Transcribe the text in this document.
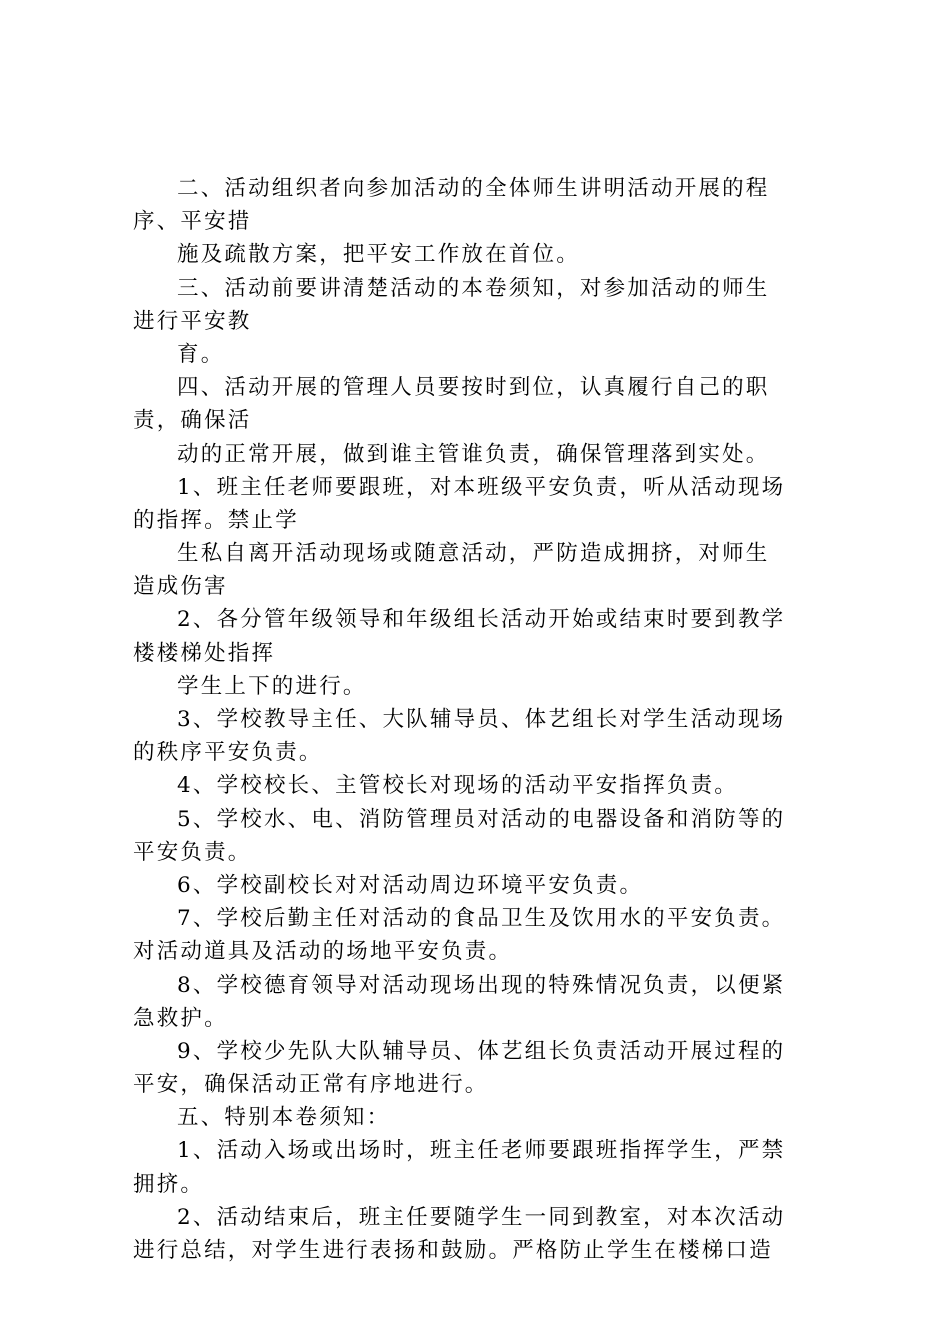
二、活动组织者向参加活动的全体师生讲明活动开展的程
序、平安措
施及疏散方案，把平安工作放在首位。
三、活动前要讲清楚活动的本卷须知，对参加活动的师生
进行平安教
育。
四、活动开展的管理人员要按时到位，认真履行自己的职
责，确保活
动的正常开展，做到谁主管谁负责，确保管理落到实处。
1、班主任老师要跟班，对本班级平安负责，听从活动现场
的指挥。禁止学
生私自离开活动现场或随意活动，严防造成拥挤，对师生
造成伤害
2、各分管年级领导和年级组长活动开始或结束时要到教学
楼楼梯处指挥
学生上下的进行。
3、学校教导主任、大队辅导员、体艺组长对学生活动现场
的秩序平安负责。
4、学校校长、主管校长对现场的活动平安指挥负责。
5、学校水、电、消防管理员对活动的电器设备和消防等的
平安负责。
6、学校副校长对对活动周边环境平安负责。
7、学校后勤主任对活动的食品卫生及饮用水的平安负责。
对活动道具及活动的场地平安负责。
8、学校德育领导对活动现场出现的特殊情况负责，以便紧
急救护。
9、学校少先队大队辅导员、体艺组长负责活动开展过程的
平安，确保活动正常有序地进行。
五、特别本卷须知：
1、活动入场或出场时，班主任老师要跟班指挥学生，严禁
拥挤。
2、活动结束后，班主任要随学生一同到教室，对本次活动
进行总结，对学生进行表扬和鼓励。严格防止学生在楼梯口造
